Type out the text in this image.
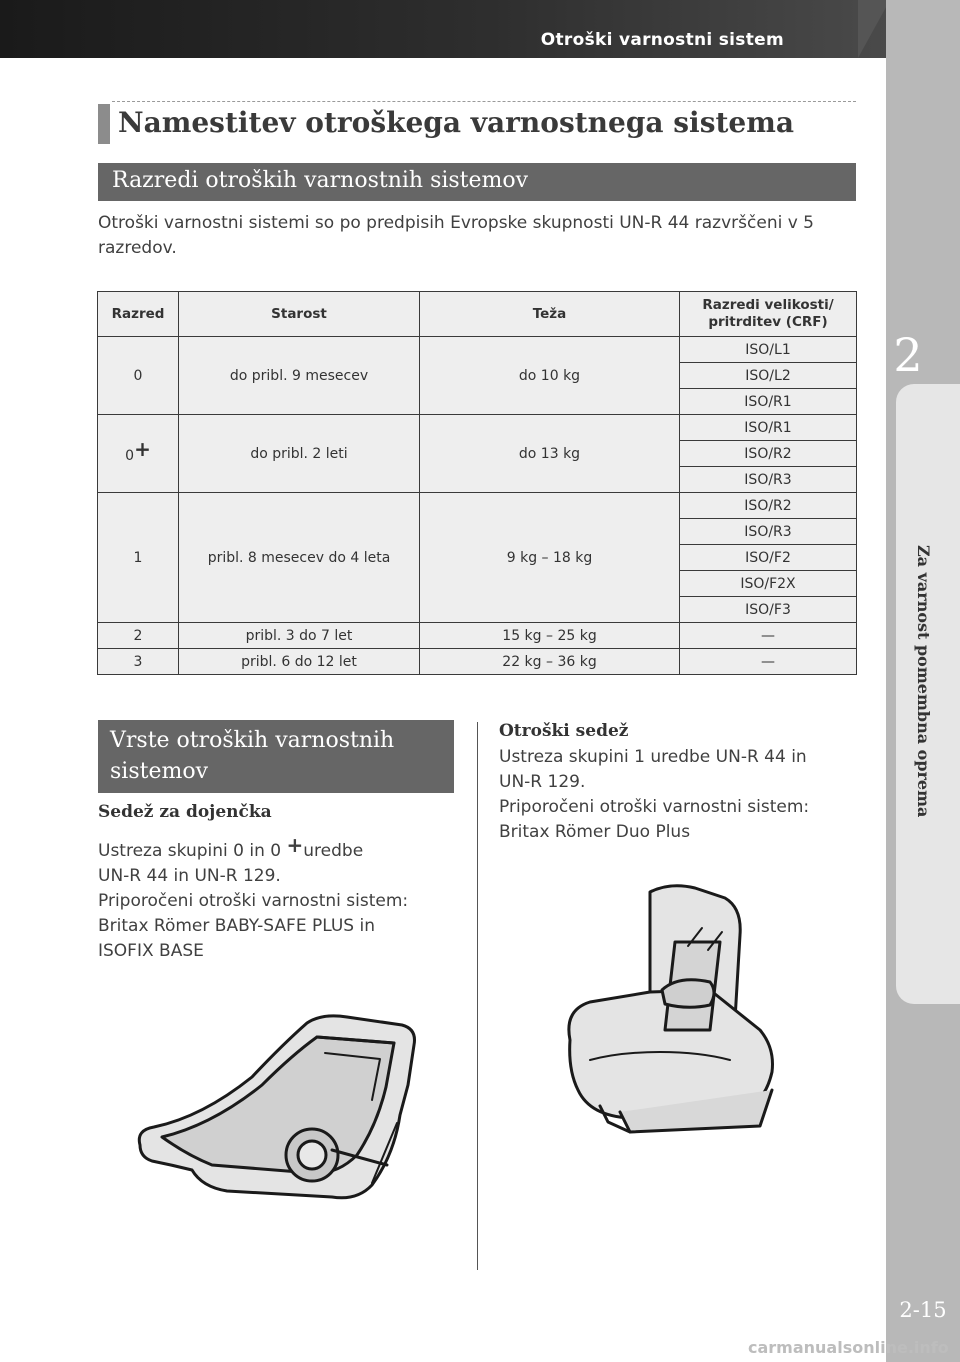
Otroški varnostni sistem
2
Za varnost pomembna oprema
2-15
carmanualsonline.info
Namestitev otroškega varnostnega sistema
Razredi otroških varnostnih sistemov
Otroški varnostni sistemi so po predpisih Evropske skupnosti UN-R 44 razvrščeni v 5 razredov.
Razred	Starost	Teža	Razredi velikosti/ pritrditev (CRF)
0	do pribl. 9 mesecev	do 10 kg	ISO/L1
			ISO/L2
			ISO/R1
0+	do pribl. 2 leti	do 13 kg	ISO/R1
			ISO/R2
			ISO/R3
1	pribl. 8 mesecev do 4 leta	9 kg – 18 kg	ISO/R2
			ISO/R3
			ISO/F2
			ISO/F2X
			ISO/F3
2	pribl. 3 do 7 let	15 kg – 25 kg	—
3	pribl. 6 do 12 let	22 kg – 36 kg	—
Vrste otroških varnostnih sistemov
Sedež za dojenčka
Ustreza skupini 0 in 0 +uredbe
UN-R 44 in UN-R 129.
Priporočeni otroški varnostni sistem:
Britax Römer BABY-SAFE PLUS in
ISOFIX BASE
Otroški sedež
Ustreza skupini 1 uredbe UN-R 44 in
UN-R 129.
Priporočeni otroški varnostni sistem:
Britax Römer Duo Plus
